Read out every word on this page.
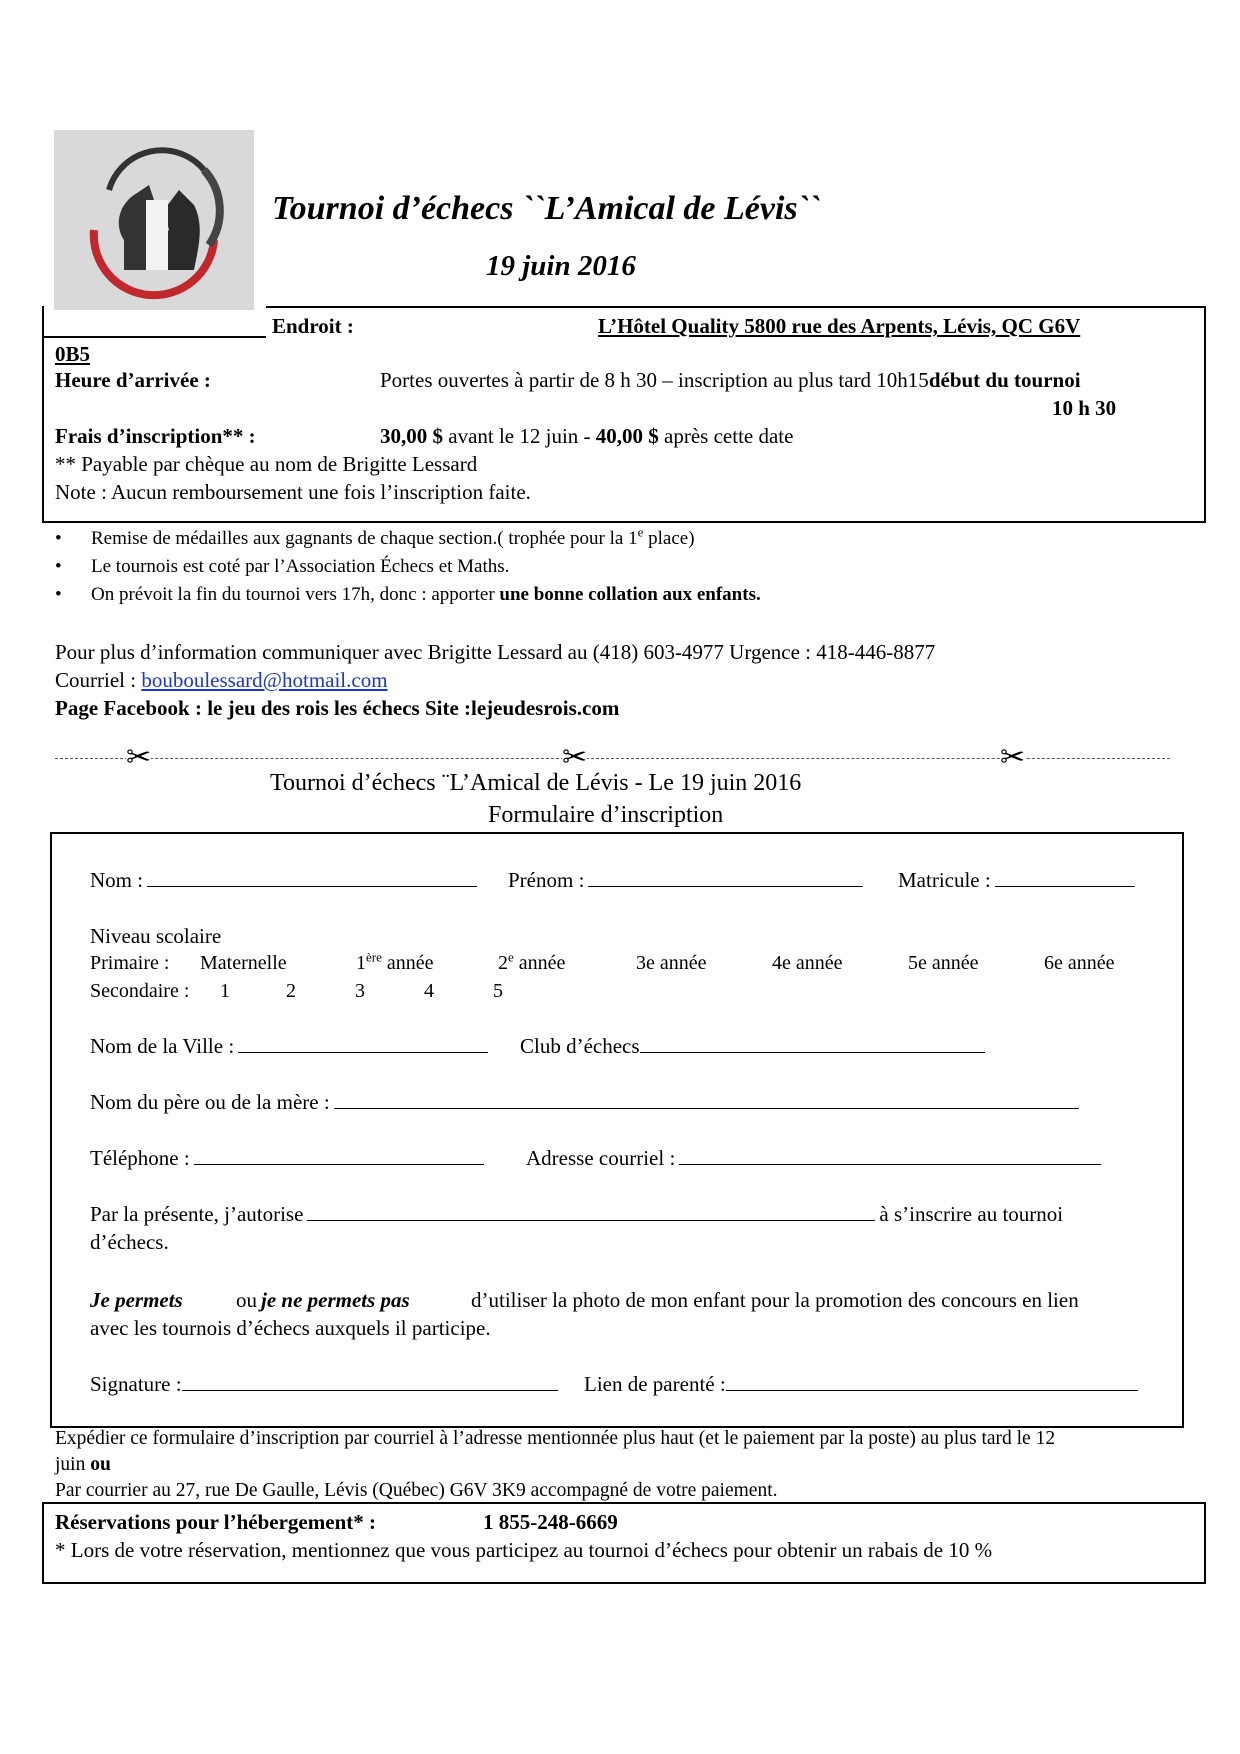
Tournoi d’échecs ``L’Amical de Lévis``
19 juin 2016
Endroit :	L’Hôtel Quality 5800 rue des Arpents, Lévis, QC G6V
0B5
Heure d’arrivée :	Portes ouvertes à partir de 8 h 30 – inscription au plus tard 10h15début du tournoi
10 h 30
Frais d’inscription** :	30,00 $ avant le 12 juin - 40,00 $ après cette date
** Payable par chèque au nom de Brigitte Lessard
Note : Aucun remboursement une fois l’inscription faite.
• Remise de médailles aux gagnants de chaque section.( trophée pour la 1e place)
• Le tournois est coté par l’Association Échecs et Maths.
• On prévoit la fin du tournoi vers 17h, donc : apporter une bonne collation aux enfants.
Pour plus d’information communiquer avec Brigitte Lessard au (418) 603-4977 Urgence : 418-446-8877
Courriel : bouboulessard@hotmail.com
Page Facebook : le jeu des rois les échecs Site :lejeudesrois.com
✂	✂	✂
Tournoi d’échecs ¨L’Amical de Lévis - Le 19 juin 2016
Formulaire d’inscription
Nom :	Prénom :	Matricule :
Niveau scolaire
Primaire : Maternelle	1ère année	2e année	3e année	4e année	5e année	6e année
Secondaire : 1	2	3	4	5
Nom de la Ville :	Club d’échecs
Nom du père ou de la mère :
Téléphone :	Adresse courriel :
Par la présente, j’autorise	à s’inscrire au tournoi
d’échecs.
Je permets	ou je ne permets pas	d’utiliser la photo de mon enfant pour la promotion des concours en lien
avec les tournois d’échecs auxquels il participe.
Signature :	Lien de parenté :
Expédier ce formulaire d’inscription par courriel à l’adresse mentionnée plus haut (et le paiement par la poste) au plus tard le 12
juin ou
Par courrier au 27, rue De Gaulle, Lévis (Québec) G6V 3K9 accompagné de votre paiement.
Réservations pour l’hébergement* :	1 855-248-6669
* Lors de votre réservation, mentionnez que vous participez au tournoi d’échecs pour obtenir un rabais de 10 %
